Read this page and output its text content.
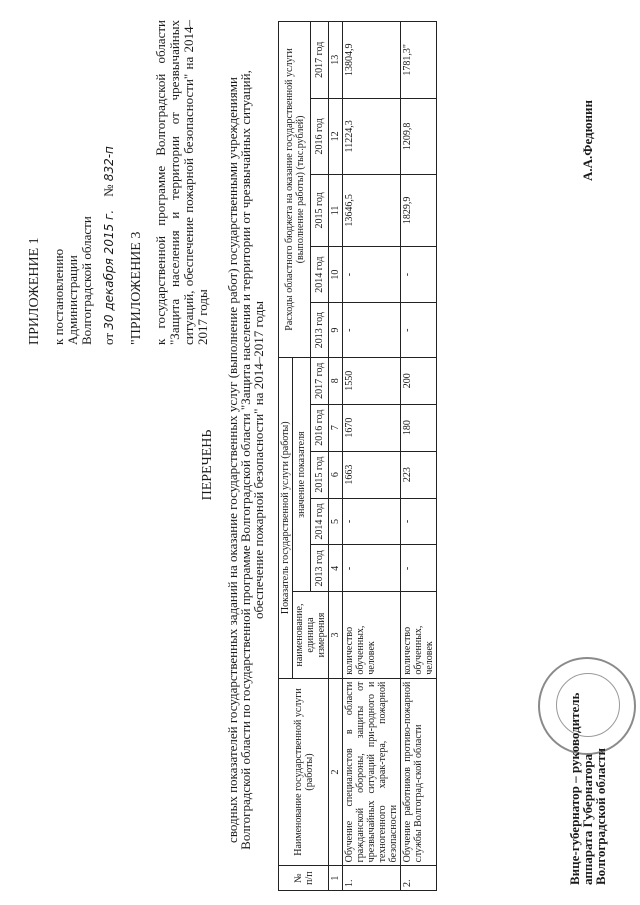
ПРИЛОЖЕНИЕ 1 к постановлению Администрации Волгоградской области от 30 декабря 2015 г.    № 832-п
"ПРИЛОЖЕНИЕ 3 к государственной программе Волгоградской области "Защита населения и территории от чрезвычайных ситуаций, обеспечение пожарной безопасности" на 2014–2017 годы
ПЕРЕЧЕНЬ сводных показателей государственных заданий на оказание государственных услуг (выполнение работ) государственными учреждениями Волгоградской области по государственной программе Волгоградской области "Защита населения и территории от чрезвычайных ситуаций, обеспечение пожарной безопасности" на 2014–2017 годы
№ п/п	Наименование государственной услуги (работы)	Показатель государственной услуги (работы)						Расходы областного бюджета на оказание государственной услуги (выполнение работы) (тыс.рублей)				
		наименование, единица измерения	значение показателя									
			2013 год	2014 год	2015 год	2016 год	2017 год	2013 год	2014 год	2015 год	2016 год	2017 год
1	2	3	4	5	6	7	8	9	10	11	12	13
1.	Обучение специалистов в области гражданской обороны, защиты от чрезвычайных ситуаций при-родного и техногенного харак-тера, пожарной безопасности	количество обученных, человек	-	-	1663	1670	1550	-	-	13646,5	11224,3	13804,9
2.	Обучение работников противо-пожарной службы Волгоград-ской области	количество обученных, человек	-	-	223	180	200	-	-	1829,9	1209,8	1781,3"
Вице-губернатор – руководитель
аппарата Губернатора
Волгоградской области
А.А.Федюнин
